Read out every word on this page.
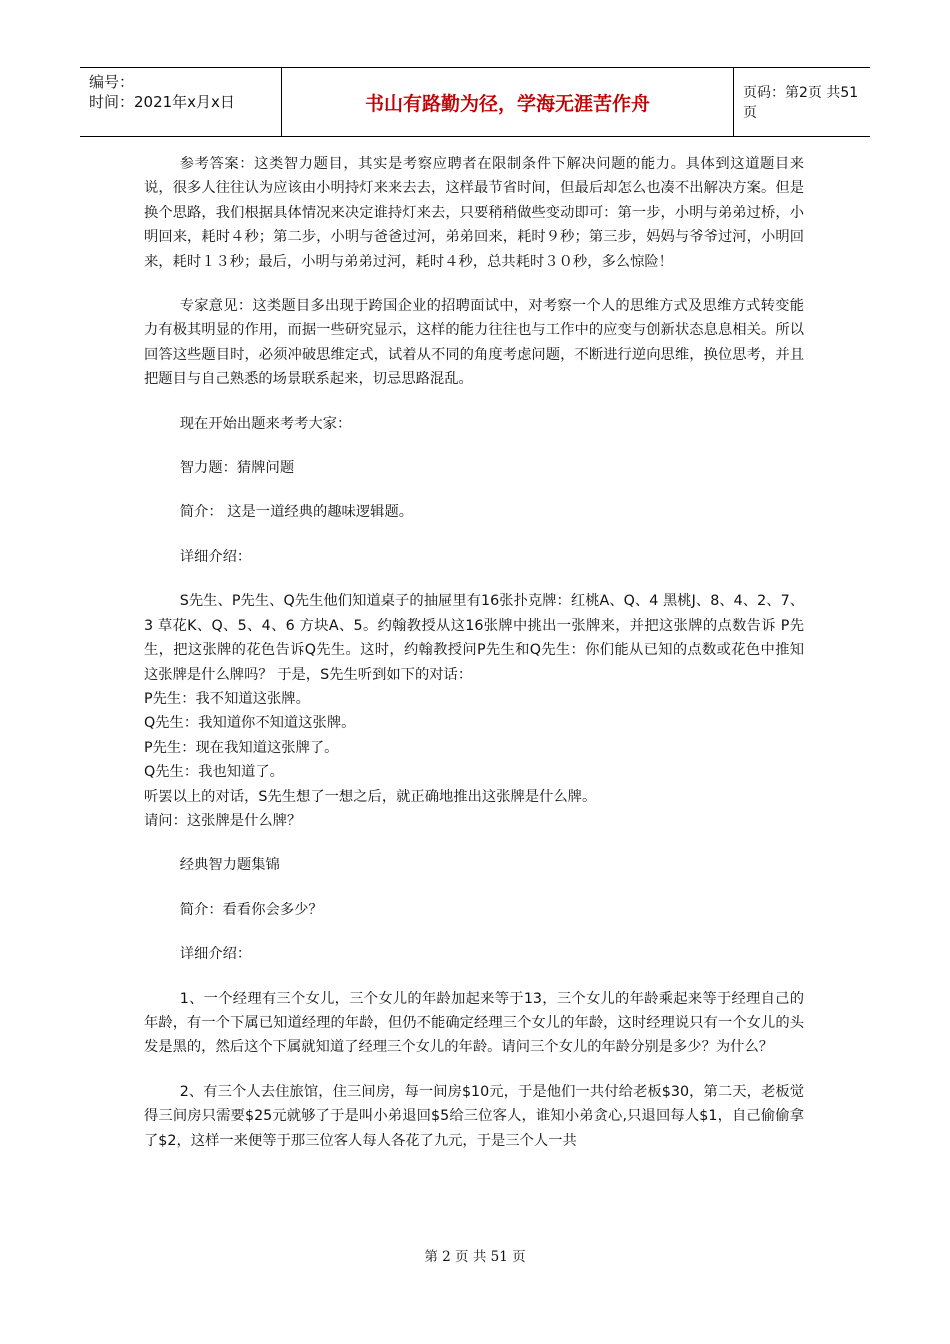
编号：
时间：2021年x月x日	书山有路勤为径，学海无涯苦作舟	页码：第2页 共51页

参考答案：这类智力题目，其实是考察应聘者在限制条件下解决问题的能力。具体到这道题目来说，很多人往往认为应该由小明持灯来来去去，这样最节省时间，但最后却怎么也凑不出解决方案。但是换个思路，我们根据具体情况来决定谁持灯来去，只要稍稍做些变动即可：第一步，小明与弟弟过桥，小明回来，耗时４秒；第二步，小明与爸爸过河，弟弟回来，耗时９秒；第三步，妈妈与爷爷过河，小明回来，耗时１３秒；最后，小明与弟弟过河，耗时４秒，总共耗时３０秒，多么惊险！

专家意见：这类题目多出现于跨国企业的招聘面试中，对考察一个人的思维方式及思维方式转变能力有极其明显的作用，而据一些研究显示，这样的能力往往也与工作中的应变与创新状态息息相关。所以回答这些题目时，必须冲破思维定式，试着从不同的角度考虑问题，不断进行逆向思维，换位思考，并且把题目与自己熟悉的场景联系起来，切忌思路混乱。

现在开始出题来考考大家：

智力题：猜牌问题

简介： 这是一道经典的趣味逻辑题。

详细介绍：

S先生、P先生、Q先生他们知道桌子的抽屉里有16张扑克牌：红桃A、Q、4 黑桃J、8、4、2、7、3 草花K、Q、5、4、6 方块A、5。约翰教授从这16张牌中挑出一张牌来，并把这张牌的点数告诉 P先生，把这张牌的花色告诉Q先生。这时，约翰教授问P先生和Q先生：你们能从已知的点数或花色中推知这张牌是什么牌吗？ 于是，S先生听到如下的对话：

P先生：我不知道这张牌。

Q先生：我知道你不知道这张牌。

P先生：现在我知道这张牌了。

Q先生：我也知道了。

听罢以上的对话，S先生想了一想之后，就正确地推出这张牌是什么牌。

请问：这张牌是什么牌？

经典智力题集锦

简介：看看你会多少？

详细介绍：

1、一个经理有三个女儿，三个女儿的年龄加起来等于13，三个女儿的年龄乘起来等于经理自己的年龄，有一个下属已知道经理的年龄，但仍不能确定经理三个女儿的年龄，这时经理说只有一个女儿的头发是黑的，然后这个下属就知道了经理三个女儿的年龄。请问三个女儿的年龄分别是多少？为什么？

2、有三个人去住旅馆，住三间房，每一间房$10元，于是他们一共付给老板$30，第二天，老板觉得三间房只需要$25元就够了于是叫小弟退回$5给三位客人，谁知小弟贪心,只退回每人$1，自己偷偷拿了$2，这样一来便等于那三位客人每人各花了九元，于是三个人一共

第 2 页 共 51 页
